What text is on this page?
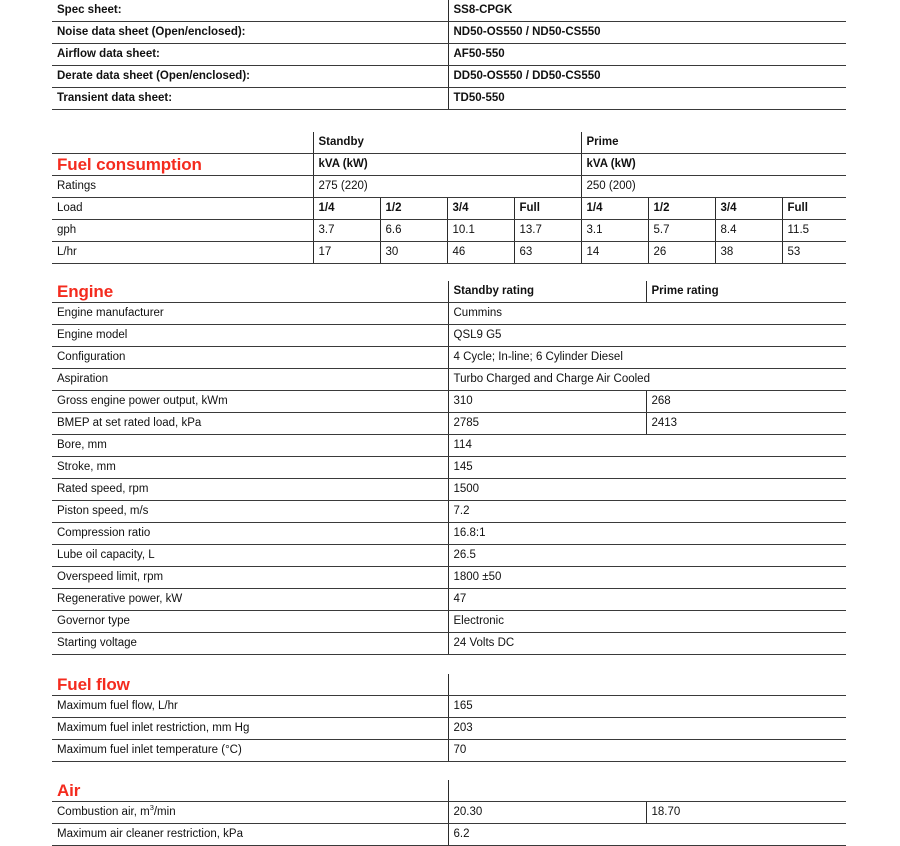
Spec sheet:	SS8-CPGK
Noise data sheet (Open/enclosed):	ND50-OS550 / ND50-CS550
Airflow data sheet:	AF50-550
Derate data sheet (Open/enclosed):	DD50-OS550 / DD50-CS550
Transient data sheet:	TD50-550
	Standby				Prime			
Fuel consumption	kVA (kW)				kVA (kW)			
Ratings	275 (220)				250 (200)			
Load	1/4	1/2	3/4	Full	1/4	1/2	3/4	Full
gph	3.7	6.6	10.1	13.7	3.1	5.7	8.4	11.5
L/hr	17	30	46	63	14	26	38	53
Engine	Standby rating	Prime rating
Engine manufacturer	Cummins	
Engine model	QSL9 G5	
Configuration	4 Cycle; In-line; 6 Cylinder Diesel	
Aspiration	Turbo Charged and Charge Air Cooled	
Gross engine power output, kWm	310	268
BMEP at set rated load, kPa	2785	2413
Bore, mm	114	
Stroke, mm	145	
Rated speed, rpm	1500	
Piston speed, m/s	7.2	
Compression ratio	16.8:1	
Lube oil capacity, L	26.5	
Overspeed limit, rpm	1800 ±50	
Regenerative power, kW	47	
Governor type	Electronic	
Starting voltage	24 Volts DC	
Fuel flow	
Maximum fuel flow, L/hr	165
Maximum fuel inlet restriction, mm Hg	203
Maximum fuel inlet temperature (°C)	70
Air		
Combustion air, $m^3/\min$	20.30	18.70
Maximum air cleaner restriction, kPa	6.2	
